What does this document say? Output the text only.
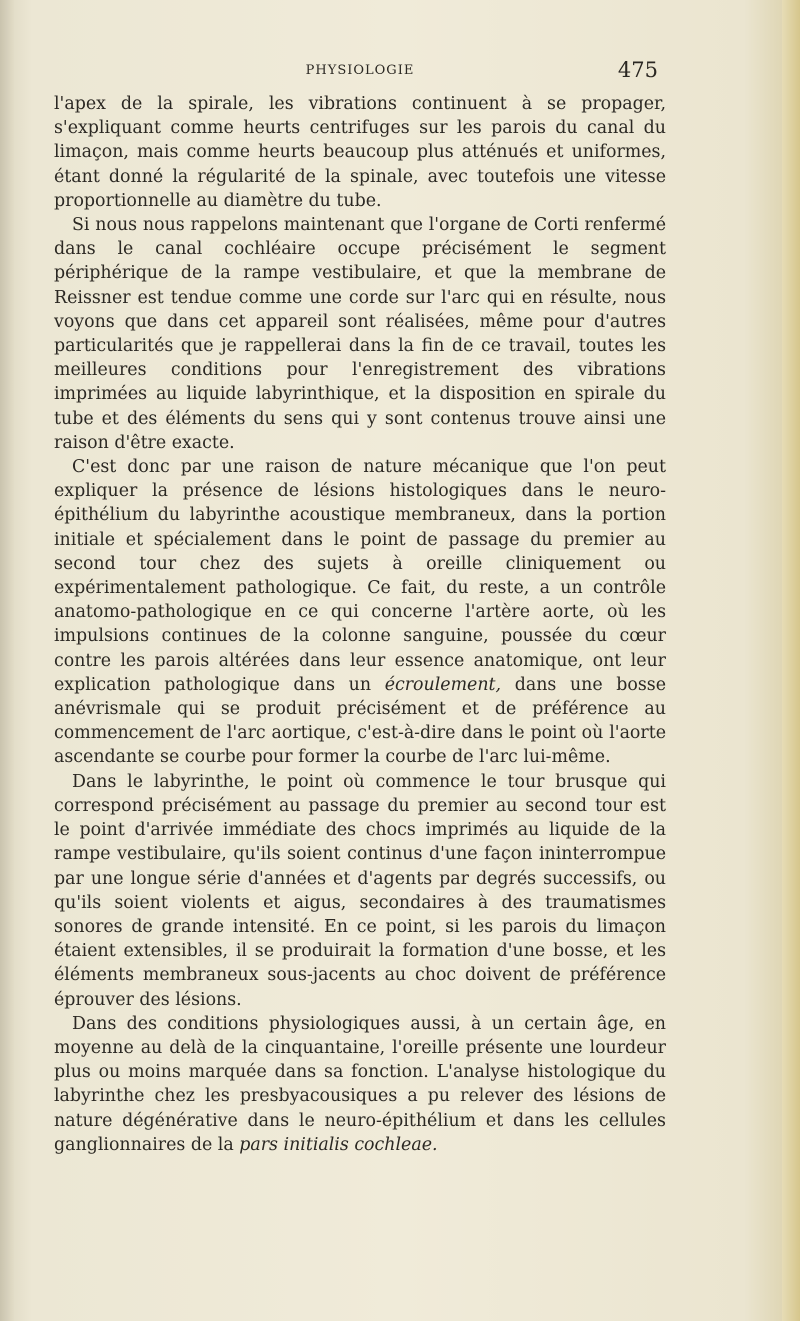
PHYSIOLOGIE	475

l'apex de la spirale, les vibrations continuent à se propager, s'expliquant comme heurts centrifuges sur les parois du canal du limaçon, mais comme heurts beaucoup plus atténués et uniformes, étant donné la régularité de la spinale, avec toutefois une vitesse proportionnelle au diamètre du tube.

Si nous nous rappelons maintenant que l'organe de Corti renfermé dans le canal cochléaire occupe précisément le segment périphérique de la rampe vestibulaire, et que la membrane de Reissner est tendue comme une corde sur l'arc qui en résulte, nous voyons que dans cet appareil sont réalisées, même pour d'autres particularités que je rappellerai dans la fin de ce travail, toutes les meilleures conditions pour l'enregistrement des vibrations imprimées au liquide labyrinthique, et la disposition en spirale du tube et des éléments du sens qui y sont contenus trouve ainsi une raison d'être exacte.

C'est donc par une raison de nature mécanique que l'on peut expliquer la présence de lésions histologiques dans le neuro-épithélium du labyrinthe acoustique membraneux, dans la portion initiale et spécialement dans le point de passage du premier au second tour chez des sujets à oreille cliniquement ou expérimentalement pathologique. Ce fait, du reste, a un contrôle anatomo-pathologique en ce qui concerne l'artère aorte, où les impulsions continues de la colonne sanguine, poussée du cœur contre les parois altérées dans leur essence anatomique, ont leur explication pathologique dans un écroulement, dans une bosse anévrismale qui se produit précisément et de préférence au commencement de l'arc aortique, c'est-à-dire dans le point où l'aorte ascendante se courbe pour former la courbe de l'arc lui-même.

Dans le labyrinthe, le point où commence le tour brusque qui correspond précisément au passage du premier au second tour est le point d'arrivée immédiate des chocs imprimés au liquide de la rampe vestibulaire, qu'ils soient continus d'une façon ininterrompue par une longue série d'années et d'agents par degrés successifs, ou qu'ils soient violents et aigus, secondaires à des traumatismes sonores de grande intensité. En ce point, si les parois du limaçon étaient extensibles, il se produirait la formation d'une bosse, et les éléments membraneux sous-jacents au choc doivent de préférence éprouver des lésions.

Dans des conditions physiologiques aussi, à un certain âge, en moyenne au delà de la cinquantaine, l'oreille présente une lourdeur plus ou moins marquée dans sa fonction. L'analyse histologique du labyrinthe chez les presbyacousiques a pu relever des lésions de nature dégénérative dans le neuro-épithélium et dans les cellules ganglionnaires de la pars initialis cochleae.
